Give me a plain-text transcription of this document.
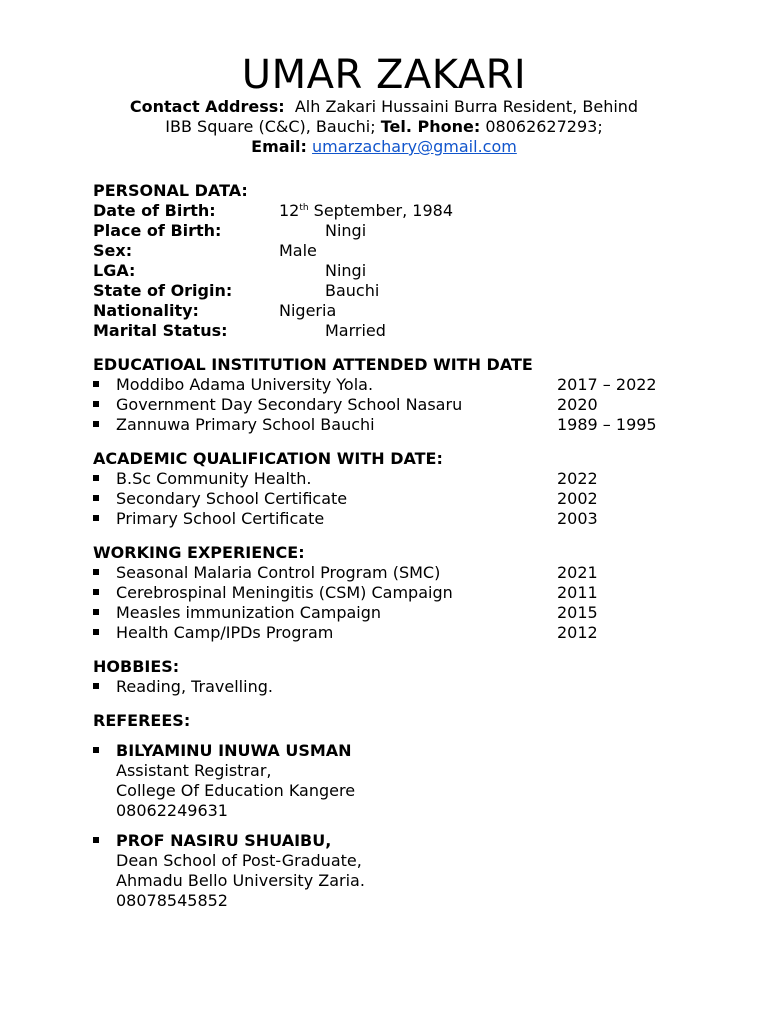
UMAR ZAKARI
Contact Address: Alh Zakari Hussaini Burra Resident, Behind
IBB Square (C&C), Bauchi; Tel. Phone: 08062627293;
Email: umarzachary@gmail.com
PERSONAL DATA:
Date of Birth:	12th September, 1984
Place of Birth:	Ningi
Sex:	Male
LGA:	Ningi
State of Origin:	Bauchi
Nationality:	Nigeria
Marital Status:	Married
EDUCATIOAL INSTITUTION ATTENDED WITH DATE
Moddibo Adama University Yola.	2017 – 2022
Government Day Secondary School Nasaru	2020
Zannuwa Primary School Bauchi	1989 – 1995
ACADEMIC QUALIFICATION WITH DATE:
B.Sc Community Health.	2022
Secondary School Certificate	2002
Primary School Certificate	2003
WORKING EXPERIENCE:
Seasonal Malaria Control Program (SMC)	2021
Cerebrospinal Meningitis (CSM) Campaign	2011
Measles immunization Campaign	2015
Health Camp/IPDs Program	2012
HOBBIES:
Reading, Travelling.
REFEREES:
BILYAMINU INUWA USMAN
Assistant Registrar,
College Of Education Kangere
08062249631
PROF NASIRU SHUAIBU,
Dean School of Post-Graduate,
Ahmadu Bello University Zaria.
08078545852
